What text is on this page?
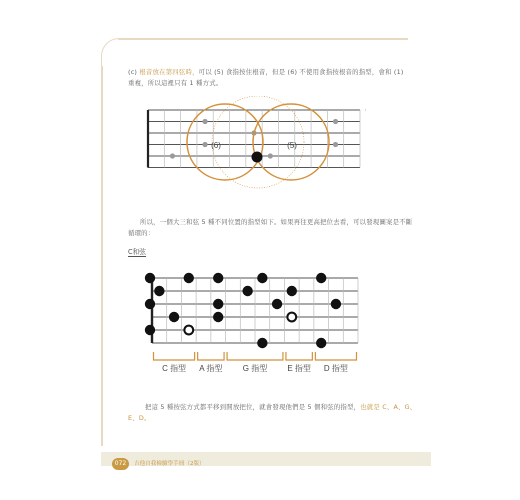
(c) 根音放在第四弦時，可以 (5) 食指按住根音，但是 (6) 不使用食指按根音的指型，會和 (1)
重複，所以這裡只有 1 種方式。
(6)	(5)
所以，一個大三和弦 5 種不同位置的指型如下。如果再往更高把位去看，可以發現圖案是不斷
循環的：
C和弦
C 指型 A 指型	G 指型	E 指型 D 指型
把這 5 種按弦方式都平移到開放把位，就會發現他們是 5 個和弦的指型，也就是 C、A、G、
E、D。
072	吉他自我檢驗學手冊（2版）
